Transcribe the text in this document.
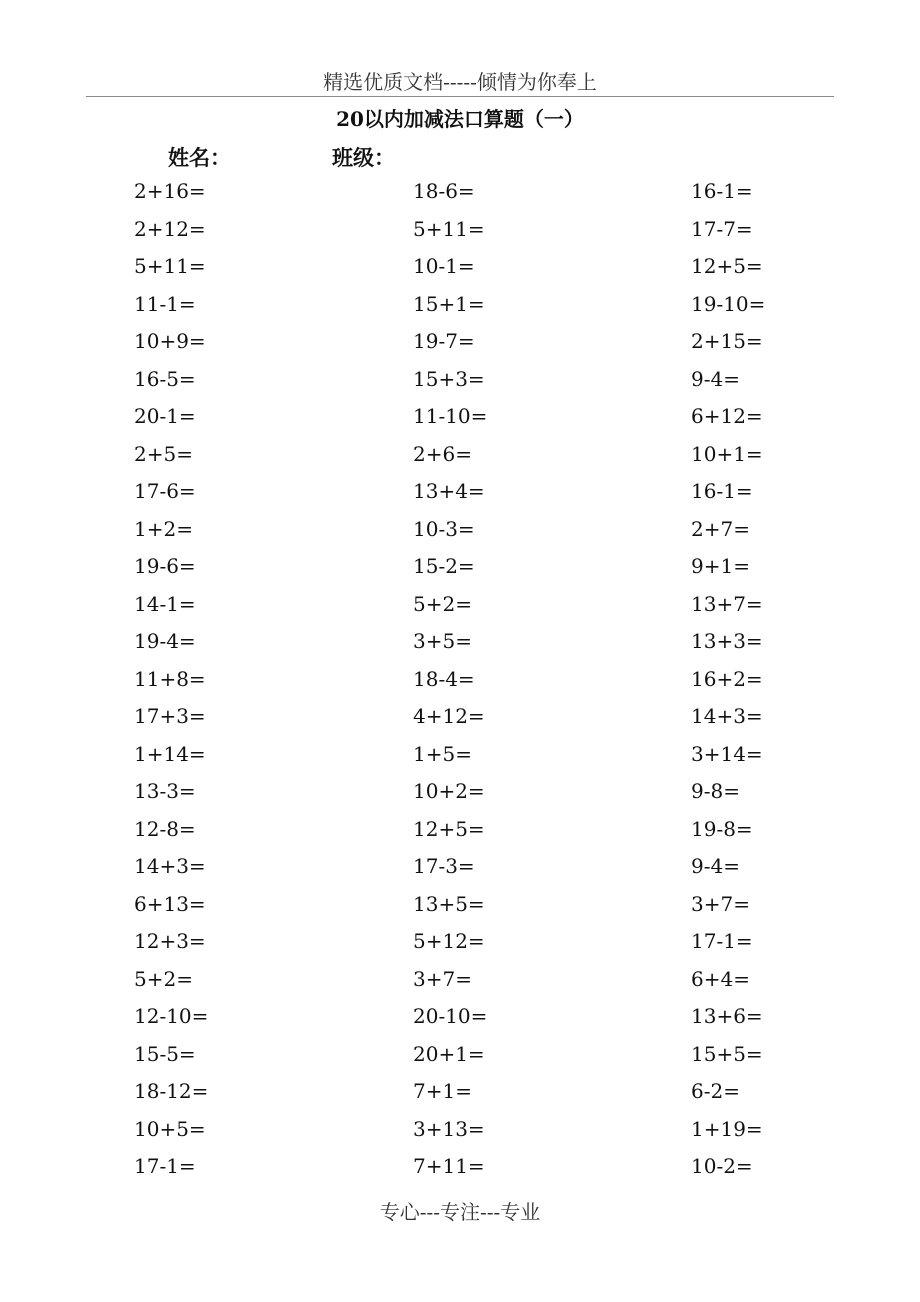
精选优质文档-----倾情为你奉上
20以内加减法口算题（一）
姓名：	班级：
2+16=
2+12=
5+11=
11-1=
10+9=
16-5=
20-1=
2+5=
17-6=
1+2=
19-6=
14-1=
19-4=
11+8=
17+3=
1+14=
13-3=
12-8=
14+3=
6+13=
12+3=
5+2=
12-10=
15-5=
18-12=
10+5=
17-1=
18-6=
5+11=
10-1=
15+1=
19-7=
15+3=
11-10=
2+6=
13+4=
10-3=
15-2=
5+2=
3+5=
18-4=
4+12=
1+5=
10+2=
12+5=
17-3=
13+5=
5+12=
3+7=
20-10=
20+1=
7+1=
3+13=
7+11=
16-1=
17-7=
12+5=
19-10=
2+15=
9-4=
6+12=
10+1=
16-1=
2+7=
9+1=
13+7=
13+3=
16+2=
14+3=
3+14=
9-8=
19-8=
9-4=
3+7=
17-1=
6+4=
13+6=
15+5=
6-2=
1+19=
10-2=
专心---专注---专业
